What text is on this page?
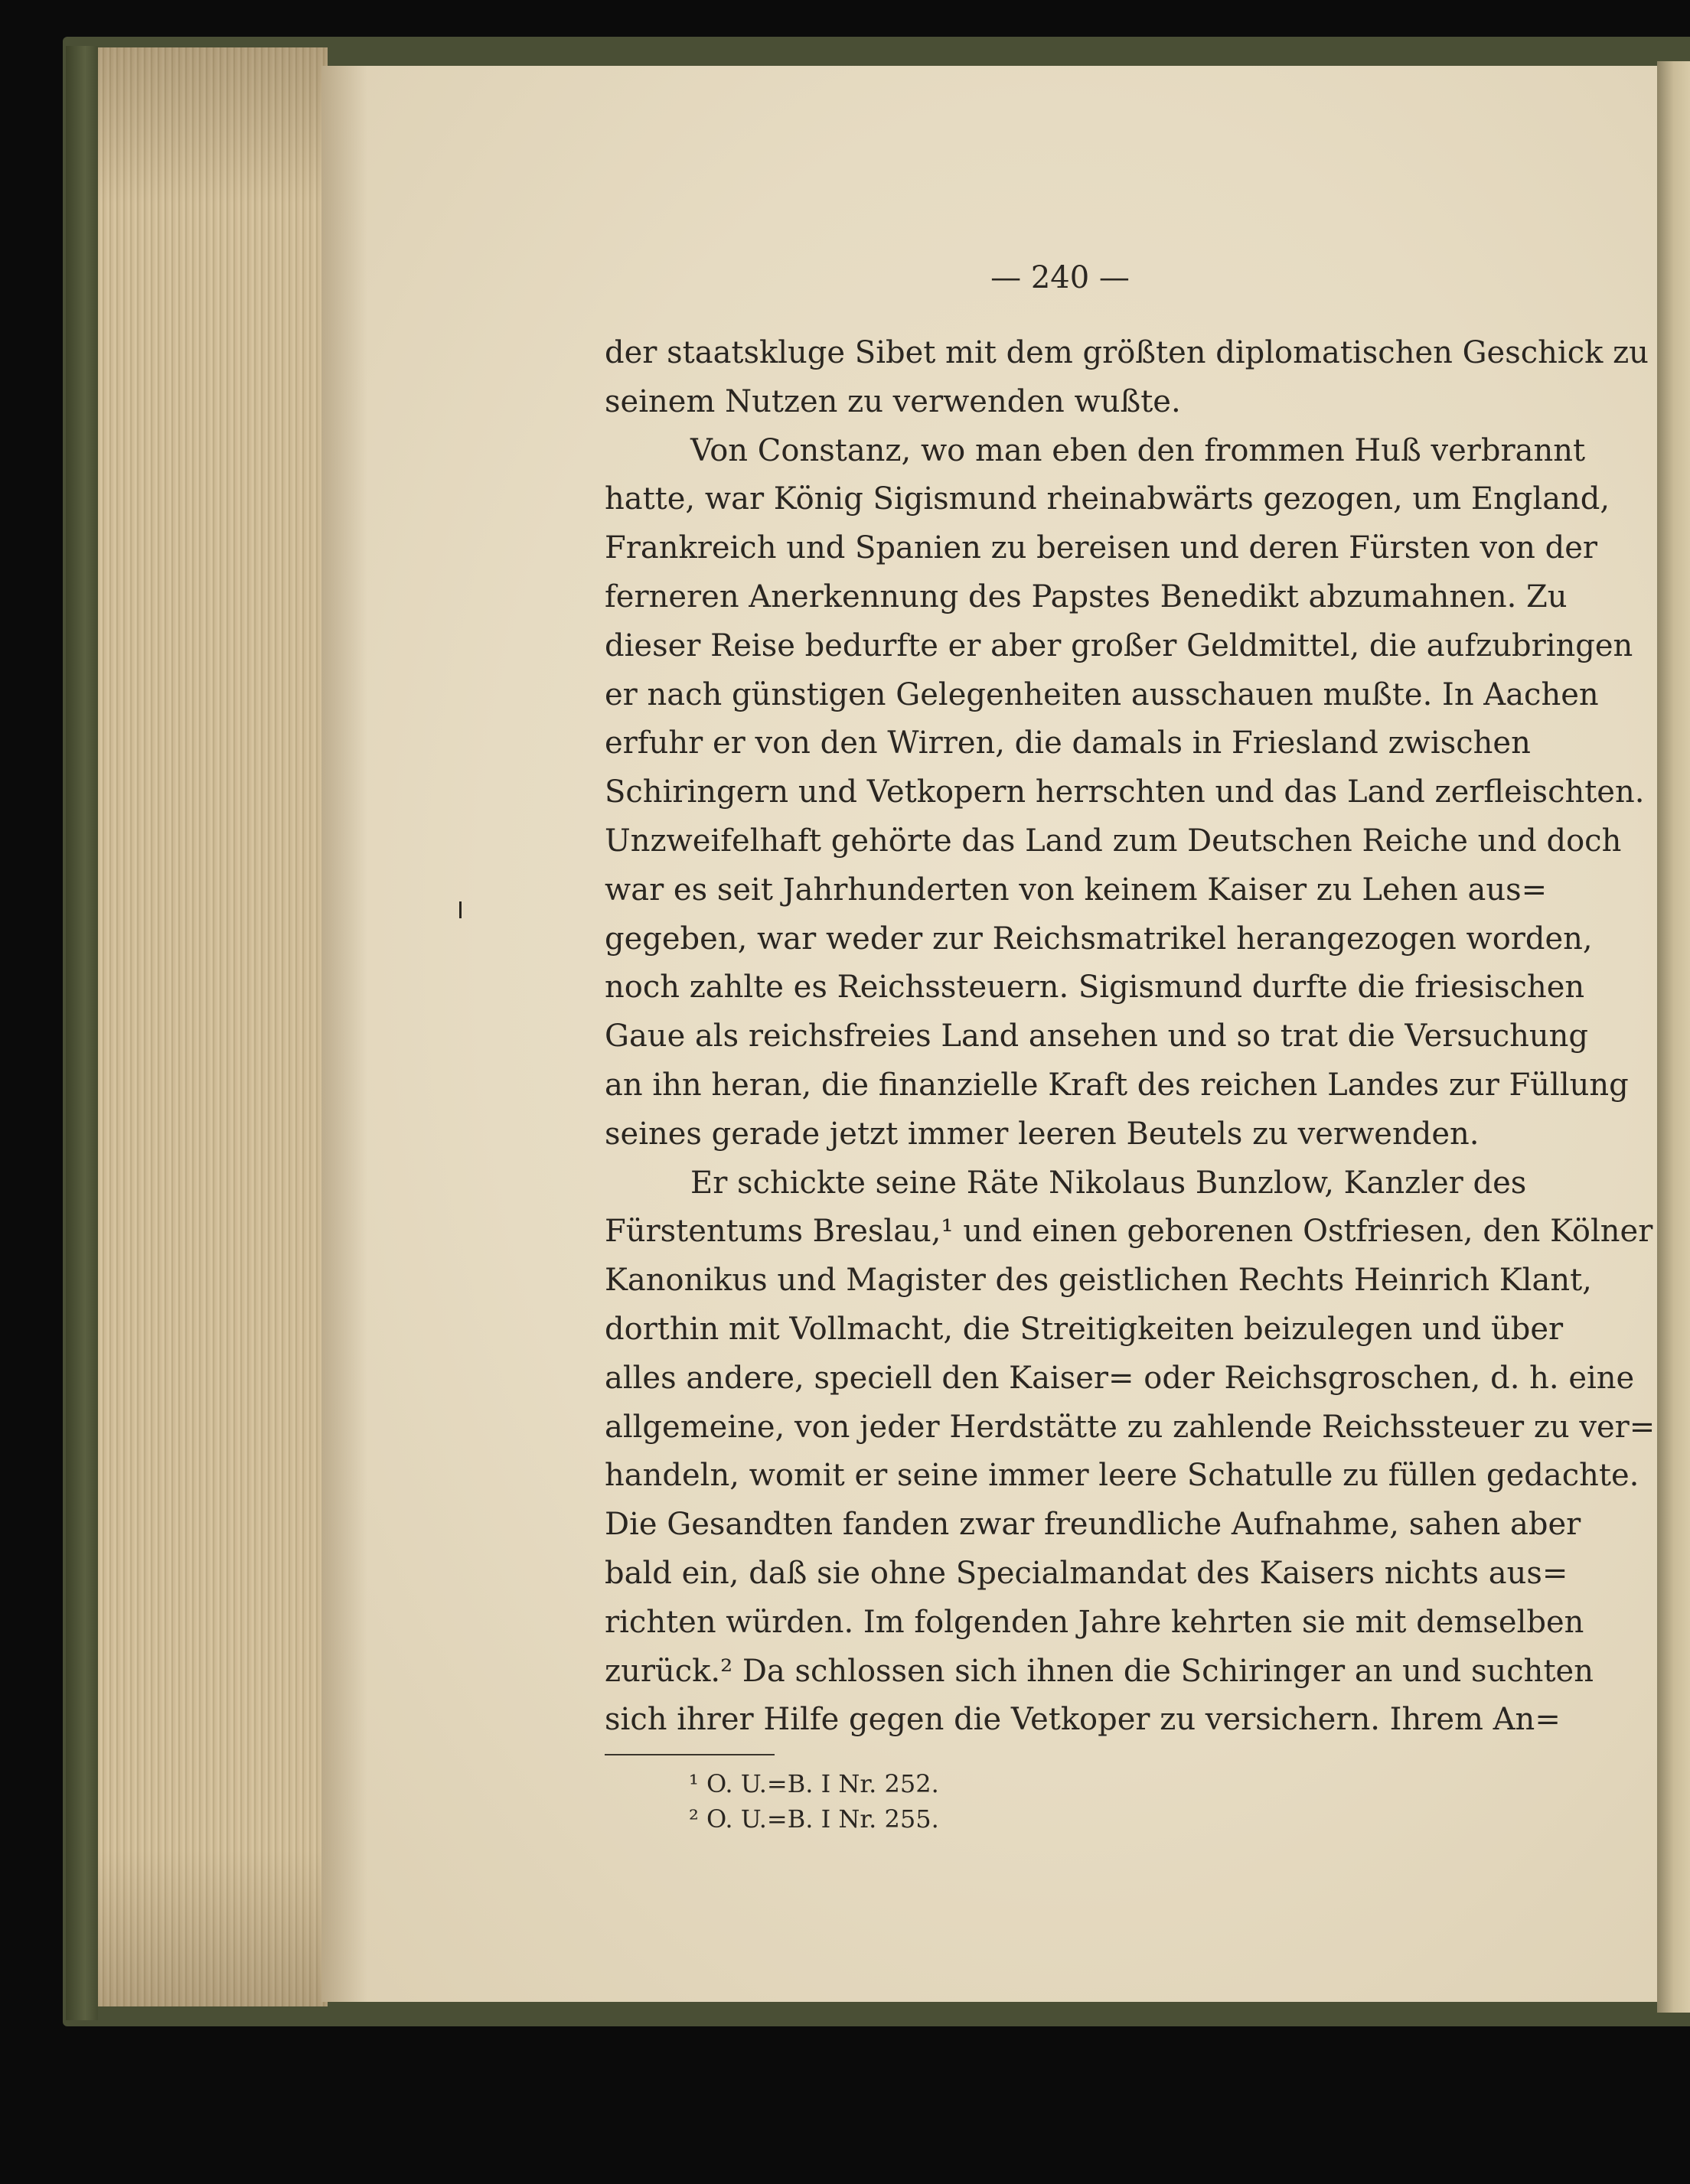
— 240 —
der staatskluge Sibet mit dem größten diplomatischen Geschick zu
seinem Nutzen zu verwenden wußte.
Von Constanz, wo man eben den frommen Huß verbrannt
hatte, war König Sigismund rheinabwärts gezogen, um England,
Frankreich und Spanien zu bereisen und deren Fürsten von der
ferneren Anerkennung des Papstes Benedikt abzumahnen. Zu
dieser Reise bedurfte er aber großer Geldmittel, die aufzubringen
er nach günstigen Gelegenheiten ausschauen mußte. In Aachen
erfuhr er von den Wirren, die damals in Friesland zwischen
Schiringern und Vetkopern herrschten und das Land zerfleischten.
Unzweifelhaft gehörte das Land zum Deutschen Reiche und doch
war es seit Jahrhunderten von keinem Kaiser zu Lehen aus=
gegeben, war weder zur Reichsmatrikel herangezogen worden,
noch zahlte es Reichssteuern. Sigismund durfte die friesischen
Gaue als reichsfreies Land ansehen und so trat die Versuchung
an ihn heran, die finanzielle Kraft des reichen Landes zur Füllung
seines gerade jetzt immer leeren Beutels zu verwenden.
Er schickte seine Räte Nikolaus Bunzlow, Kanzler des
Fürstentums Breslau,¹ und einen geborenen Ostfriesen, den Kölner
Kanonikus und Magister des geistlichen Rechts Heinrich Klant,
dorthin mit Vollmacht, die Streitigkeiten beizulegen und über
alles andere, speciell den Kaiser= oder Reichsgroschen, d. h. eine
allgemeine, von jeder Herdstätte zu zahlende Reichssteuer zu ver=
handeln, womit er seine immer leere Schatulle zu füllen gedachte.
Die Gesandten fanden zwar freundliche Aufnahme, sahen aber
bald ein, daß sie ohne Specialmandat des Kaisers nichts aus=
richten würden. Im folgenden Jahre kehrten sie mit demselben
zurück.² Da schlossen sich ihnen die Schiringer an und suchten
sich ihrer Hilfe gegen die Vetkoper zu versichern. Ihrem An=
¹ O. U.=B. I Nr. 252.
² O. U.=B. I Nr. 255.
